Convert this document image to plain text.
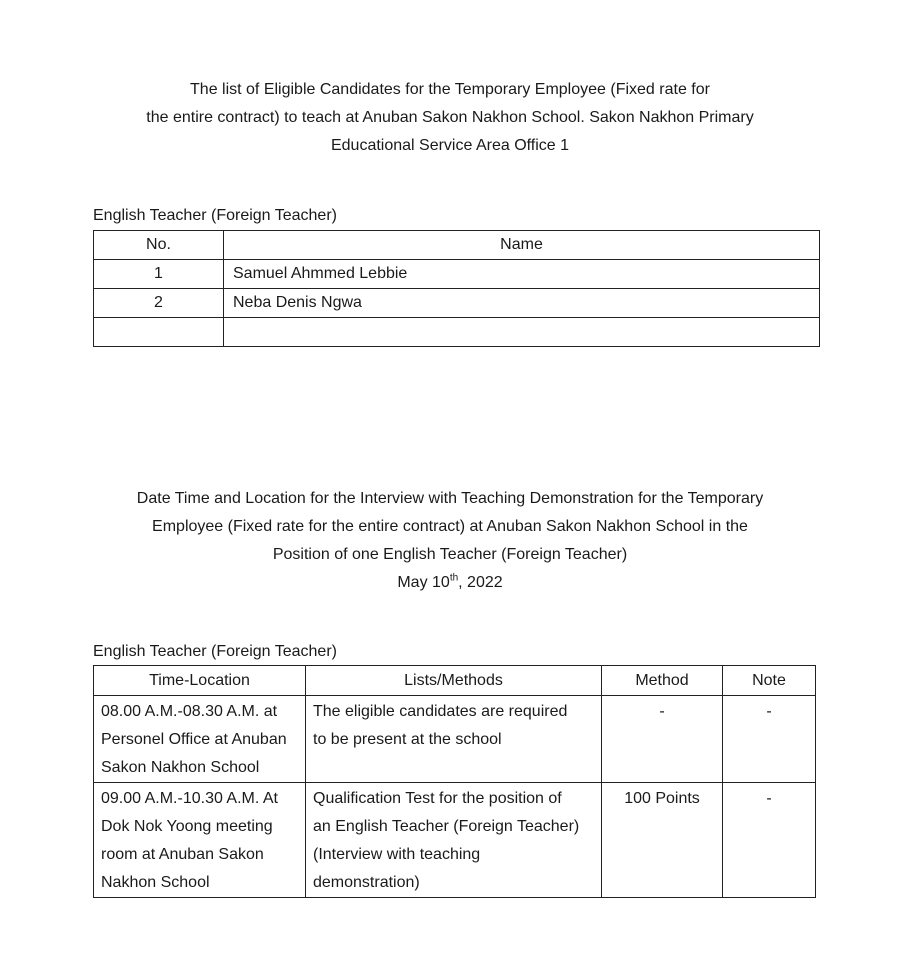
The list of Eligible Candidates for the Temporary Employee (Fixed rate for
the entire contract) to teach at Anuban Sakon Nakhon School. Sakon Nakhon Primary
Educational Service Area Office 1
English Teacher (Foreign Teacher)
No.	Name
1	Samuel Ahmmed Lebbie
2	Neba Denis Ngwa

Date Time and Location for the Interview with Teaching Demonstration for the Temporary
Employee (Fixed rate for the entire contract) at Anuban Sakon Nakhon School in the
Position of one English Teacher (Foreign Teacher)
May 10th, 2022
English Teacher (Foreign Teacher)
Time-Location	Lists/Methods	Method	Note

08.00 A.M.-08.30 A.M. at
Personel Office at Anuban
Sakon Nakhon School	The eligible candidates are required
to be present at the school	-	-

09.00 A.M.-10.30 A.M. At
Dok Nok Yoong meeting
room at Anuban Sakon
Nakhon School	Qualification Test for the position of
an English Teacher (Foreign Teacher)
(Interview with teaching
demonstration)	100 Points	-
